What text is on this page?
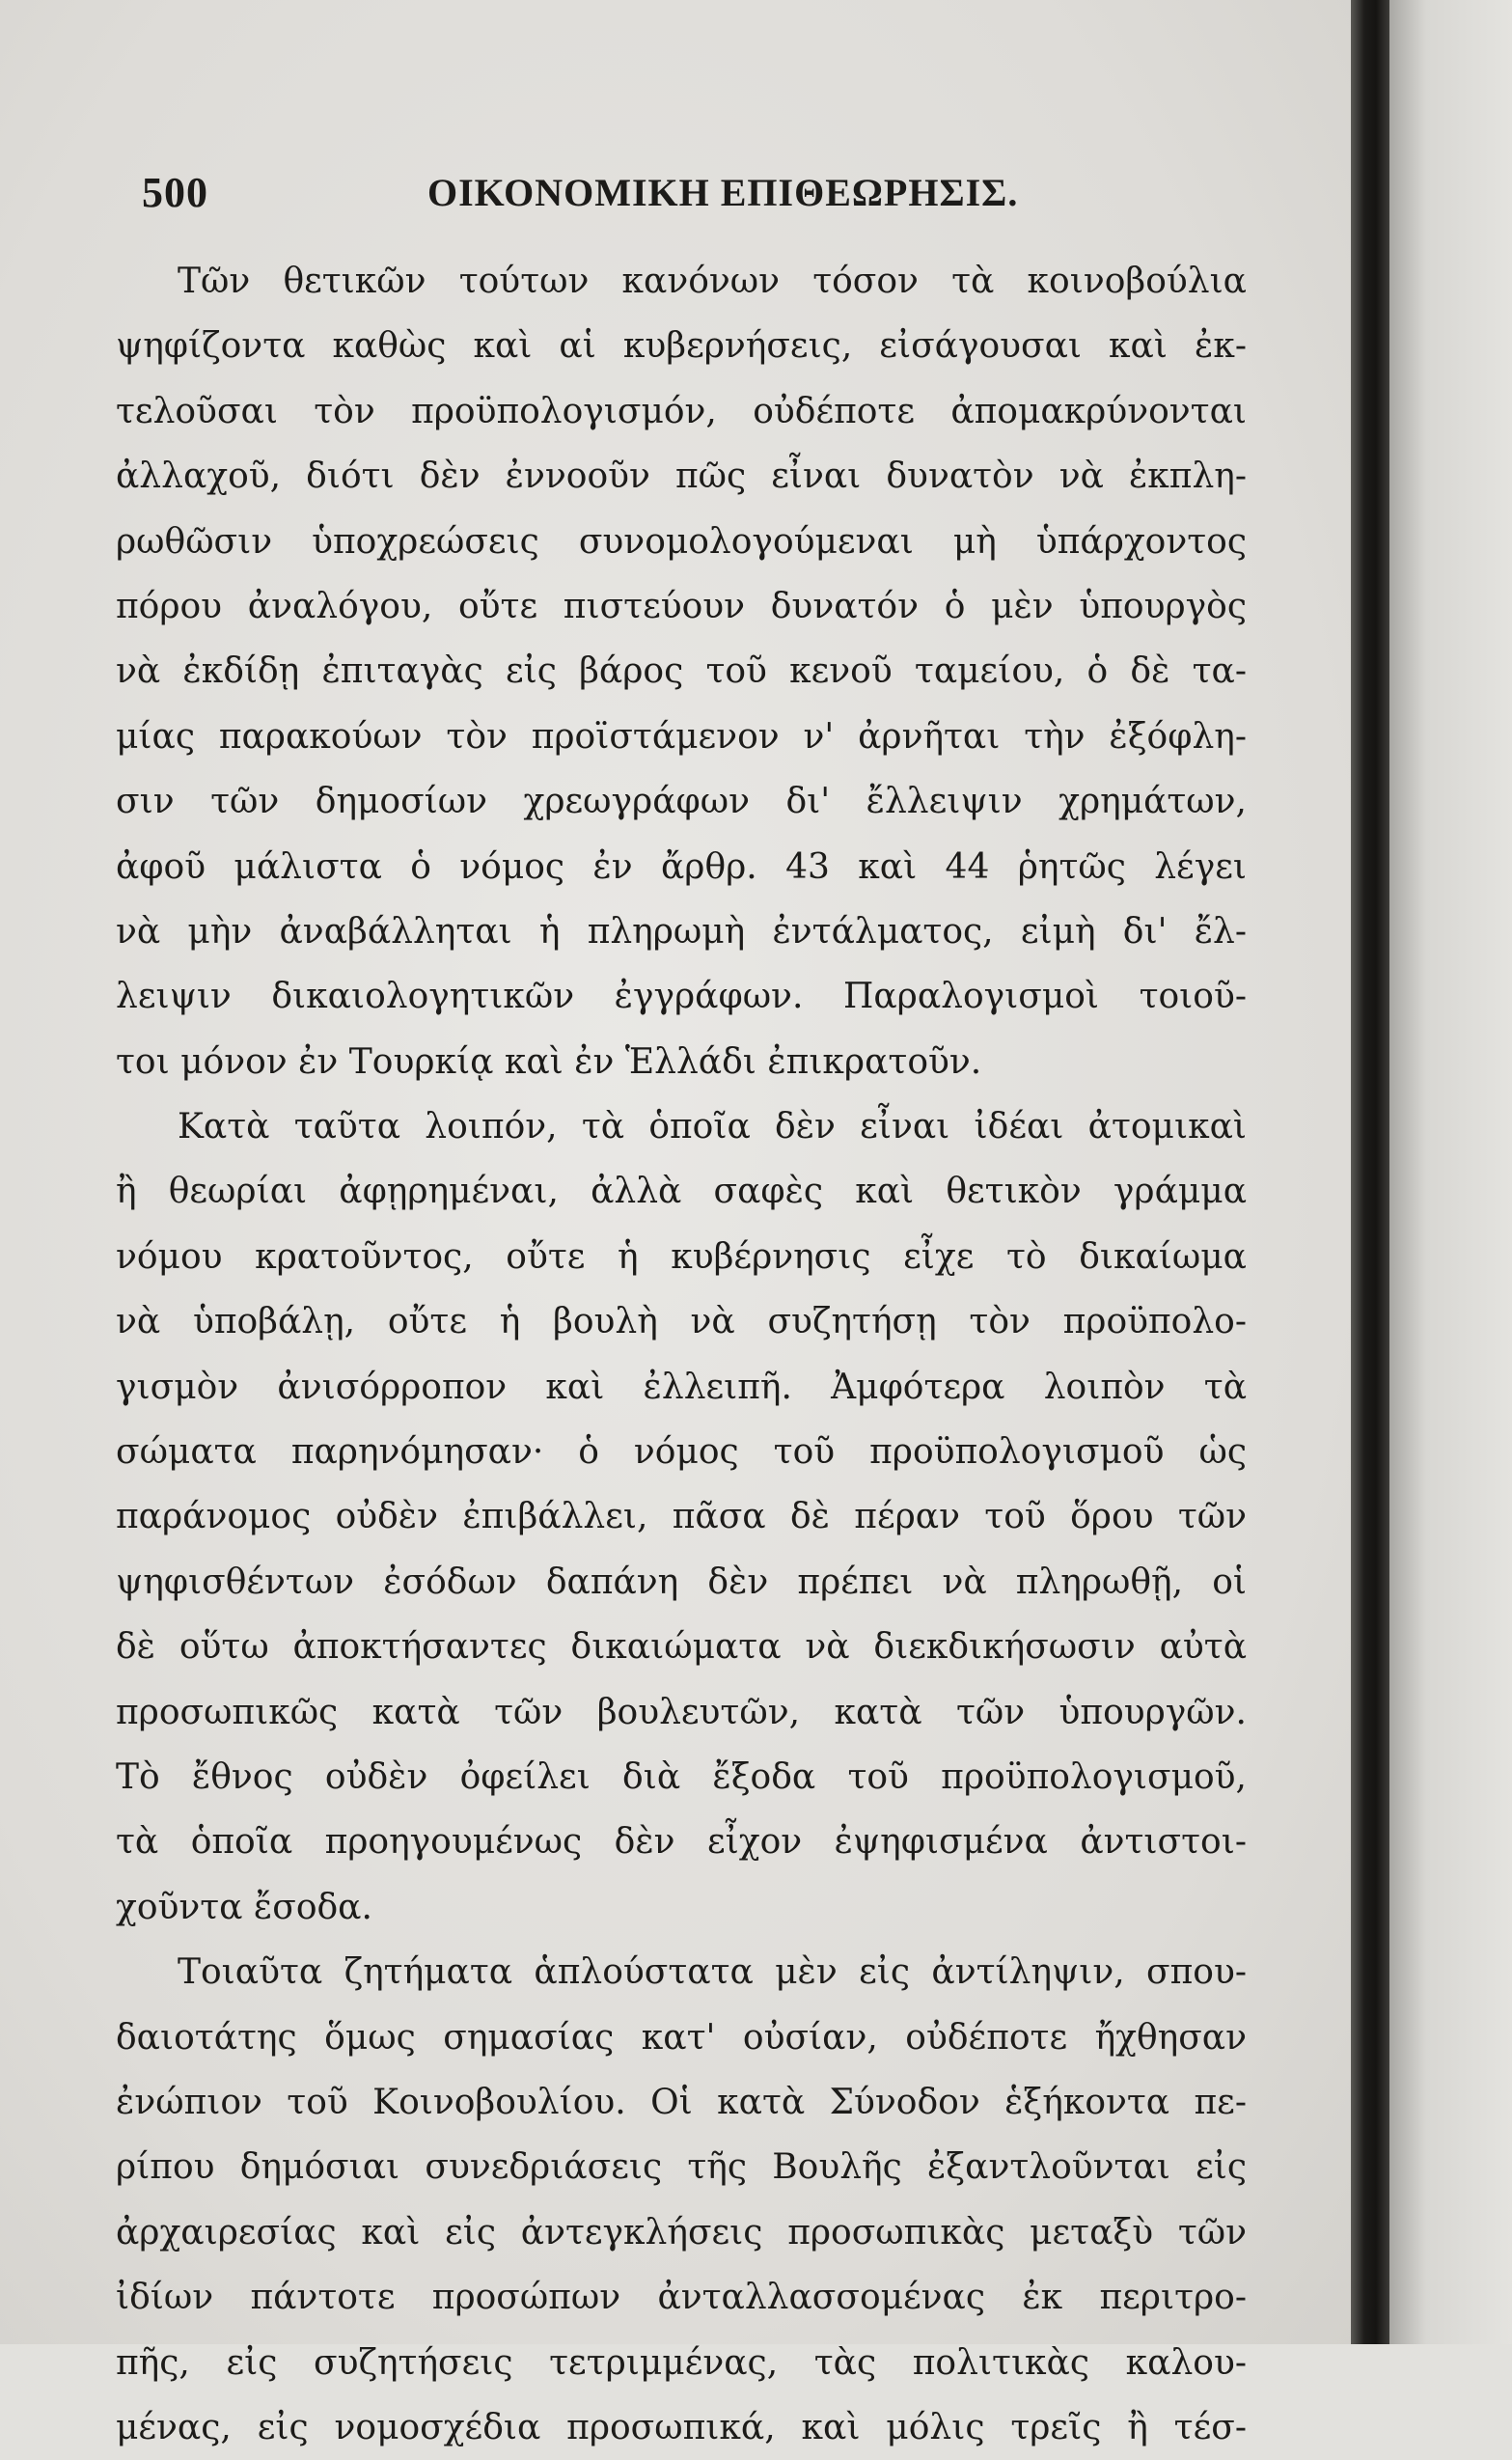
500	ΟΙΚΟΝΟΜΙΚΗ ΕΠΙΘΕΩΡΗΣΙΣ.
Τῶν θετικῶν τούτων κανόνων τόσον τὰ κοινοβούλια
ψηφίζοντα καθὼς καὶ αἱ κυβερνήσεις, εἰσάγουσαι καὶ ἐκ-
τελοῦσαι τὸν προϋπολογισμόν, οὐδέποτε ἀπομακρύνονται
ἀλλαχοῦ, διότι δὲν ἐννοοῦν πῶς εἶναι δυνατὸν νὰ ἐκπλη-
ρωθῶσιν ὑποχρεώσεις συνομολογούμεναι μὴ ὑπάρχοντος
πόρου ἀναλόγου, οὔτε πιστεύουν δυνατόν ὁ μὲν ὑπουργὸς
νὰ ἐκδίδῃ ἐπιταγὰς εἰς βάρος τοῦ κενοῦ ταμείου, ὁ δὲ τα-
μίας παρακούων τὸν προϊστάμενον ν' ἀρνῆται τὴν ἐξόφλη-
σιν τῶν δημοσίων χρεωγράφων δι' ἔλλειψιν χρημάτων,
ἀφοῦ μάλιστα ὁ νόμος ἐν ἄρθρ. 43 καὶ 44 ῥητῶς λέγει
νὰ μὴν ἀναβάλληται ἡ πληρωμὴ ἐντάλματος, εἰμὴ δι' ἔλ-
λειψιν δικαιολογητικῶν ἐγγράφων. Παραλογισμοὶ τοιοῦ-
τοι μόνον ἐν Τουρκίᾳ καὶ ἐν Ἑλλάδι ἐπικρατοῦν.
Κατὰ ταῦτα λοιπόν, τὰ ὁποῖα δὲν εἶναι ἰδέαι ἀτομικαὶ
ἢ θεωρίαι ἀφῃρημέναι, ἀλλὰ σαφὲς καὶ θετικὸν γράμμα
νόμου κρατοῦντος, οὔτε ἡ κυβέρνησις εἶχε τὸ δικαίωμα
νὰ ὑποβάλῃ, οὔτε ἡ βουλὴ νὰ συζητήσῃ τὸν προϋπολο-
γισμὸν ἀνισόρροπον καὶ ἐλλειπῆ. Ἀμφότερα λοιπὸν τὰ
σώματα παρηνόμησαν· ὁ νόμος τοῦ προϋπολογισμοῦ ὡς
παράνομος οὐδὲν ἐπιβάλλει, πᾶσα δὲ πέραν τοῦ ὅρου τῶν
ψηφισθέντων ἐσόδων δαπάνη δὲν πρέπει νὰ πληρωθῇ, οἱ
δὲ οὕτω ἀποκτήσαντες δικαιώματα νὰ διεκδικήσωσιν αὐτὰ
προσωπικῶς κατὰ τῶν βουλευτῶν, κατὰ τῶν ὑπουργῶν.
Τὸ ἔθνος οὐδὲν ὀφείλει διὰ ἔξοδα τοῦ προϋπολογισμοῦ,
τὰ ὁποῖα προηγουμένως δὲν εἶχον ἐψηφισμένα ἀντιστοι-
χοῦντα ἔσοδα.
Τοιαῦτα ζητήματα ἁπλούστατα μὲν εἰς ἀντίληψιν, σπου-
δαιοτάτης ὅμως σημασίας κατ' οὐσίαν, οὐδέποτε ἤχθησαν
ἐνώπιον τοῦ Κοινοβουλίου. Οἱ κατὰ Σύνοδον ἑξήκοντα πε-
ρίπου δημόσιαι συνεδριάσεις τῆς Βουλῆς ἐξαντλοῦνται εἰς
ἀρχαιρεσίας καὶ εἰς ἀντεγκλήσεις προσωπικὰς μεταξὺ τῶν
ἰδίων πάντοτε προσώπων ἀνταλλασσομένας ἐκ περιτρο-
πῆς, εἰς συζητήσεις τετριμμένας, τὰς πολιτικὰς καλου-
μένας, εἰς νομοσχέδια προσωπικά, καὶ μόλις τρεῖς ἢ τέσ-
